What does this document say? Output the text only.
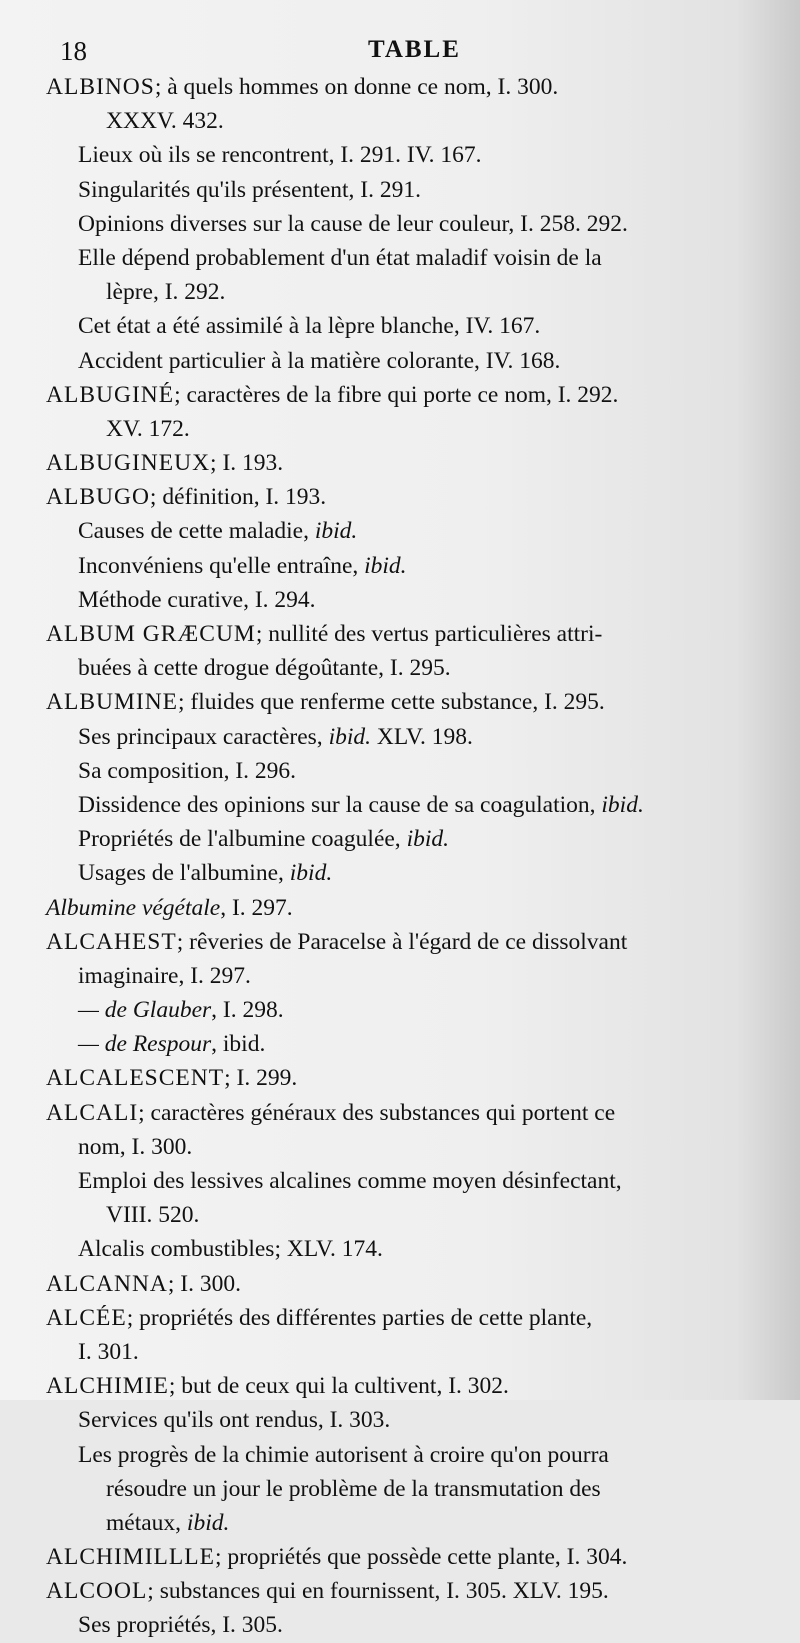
18	TABLE
ALBINOS; à quels hommes on donne ce nom, I. 300.
XXXV. 432.
Lieux où ils se rencontrent, I. 291. IV. 167.
Singularités qu'ils présentent, I. 291.
Opinions diverses sur la cause de leur couleur, I. 258. 292.
Elle dépend probablement d'un état maladif voisin de la
lèpre, I. 292.
Cet état a été assimilé à la lèpre blanche, IV. 167.
Accident particulier à la matière colorante, IV. 168.
ALBUGINÉ; caractères de la fibre qui porte ce nom, I. 292.
XV. 172.
ALBUGINEUX; I. 193.
ALBUGO; définition, I. 193.
Causes de cette maladie, ibid.
Inconvéniens qu'elle entraîne, ibid.
Méthode curative, I. 294.
ALBUM GRÆCUM; nullité des vertus particulières attri-
buées à cette drogue dégoûtante, I. 295.
ALBUMINE; fluides que renferme cette substance, I. 295.
Ses principaux caractères, ibid. XLV. 198.
Sa composition, I. 296.
Dissidence des opinions sur la cause de sa coagulation, ibid.
Propriétés de l'albumine coagulée, ibid.
Usages de l'albumine, ibid.
Albumine végétale, I. 297.
ALCAHEST; rêveries de Paracelse à l'égard de ce dissolvant
imaginaire, I. 297.
— de Glauber, I. 298.
— de Respour, ibid.
ALCALESCENT; I. 299.
ALCALI; caractères généraux des substances qui portent ce
nom, I. 300.
Emploi des lessives alcalines comme moyen désinfectant,
VIII. 520.
Alcalis combustibles; XLV. 174.
ALCANNA; I. 300.
ALCÉE; propriétés des différentes parties de cette plante,
I. 301.
ALCHIMIE; but de ceux qui la cultivent, I. 302.
Services qu'ils ont rendus, I. 303.
Les progrès de la chimie autorisent à croire qu'on pourra
résoudre un jour le problème de la transmutation des
métaux, ibid.
ALCHIMILLLE; propriétés que possède cette plante, I. 304.
ALCOOL; substances qui en fournissent, I. 305. XLV. 195.
Ses propriétés, I. 305.
